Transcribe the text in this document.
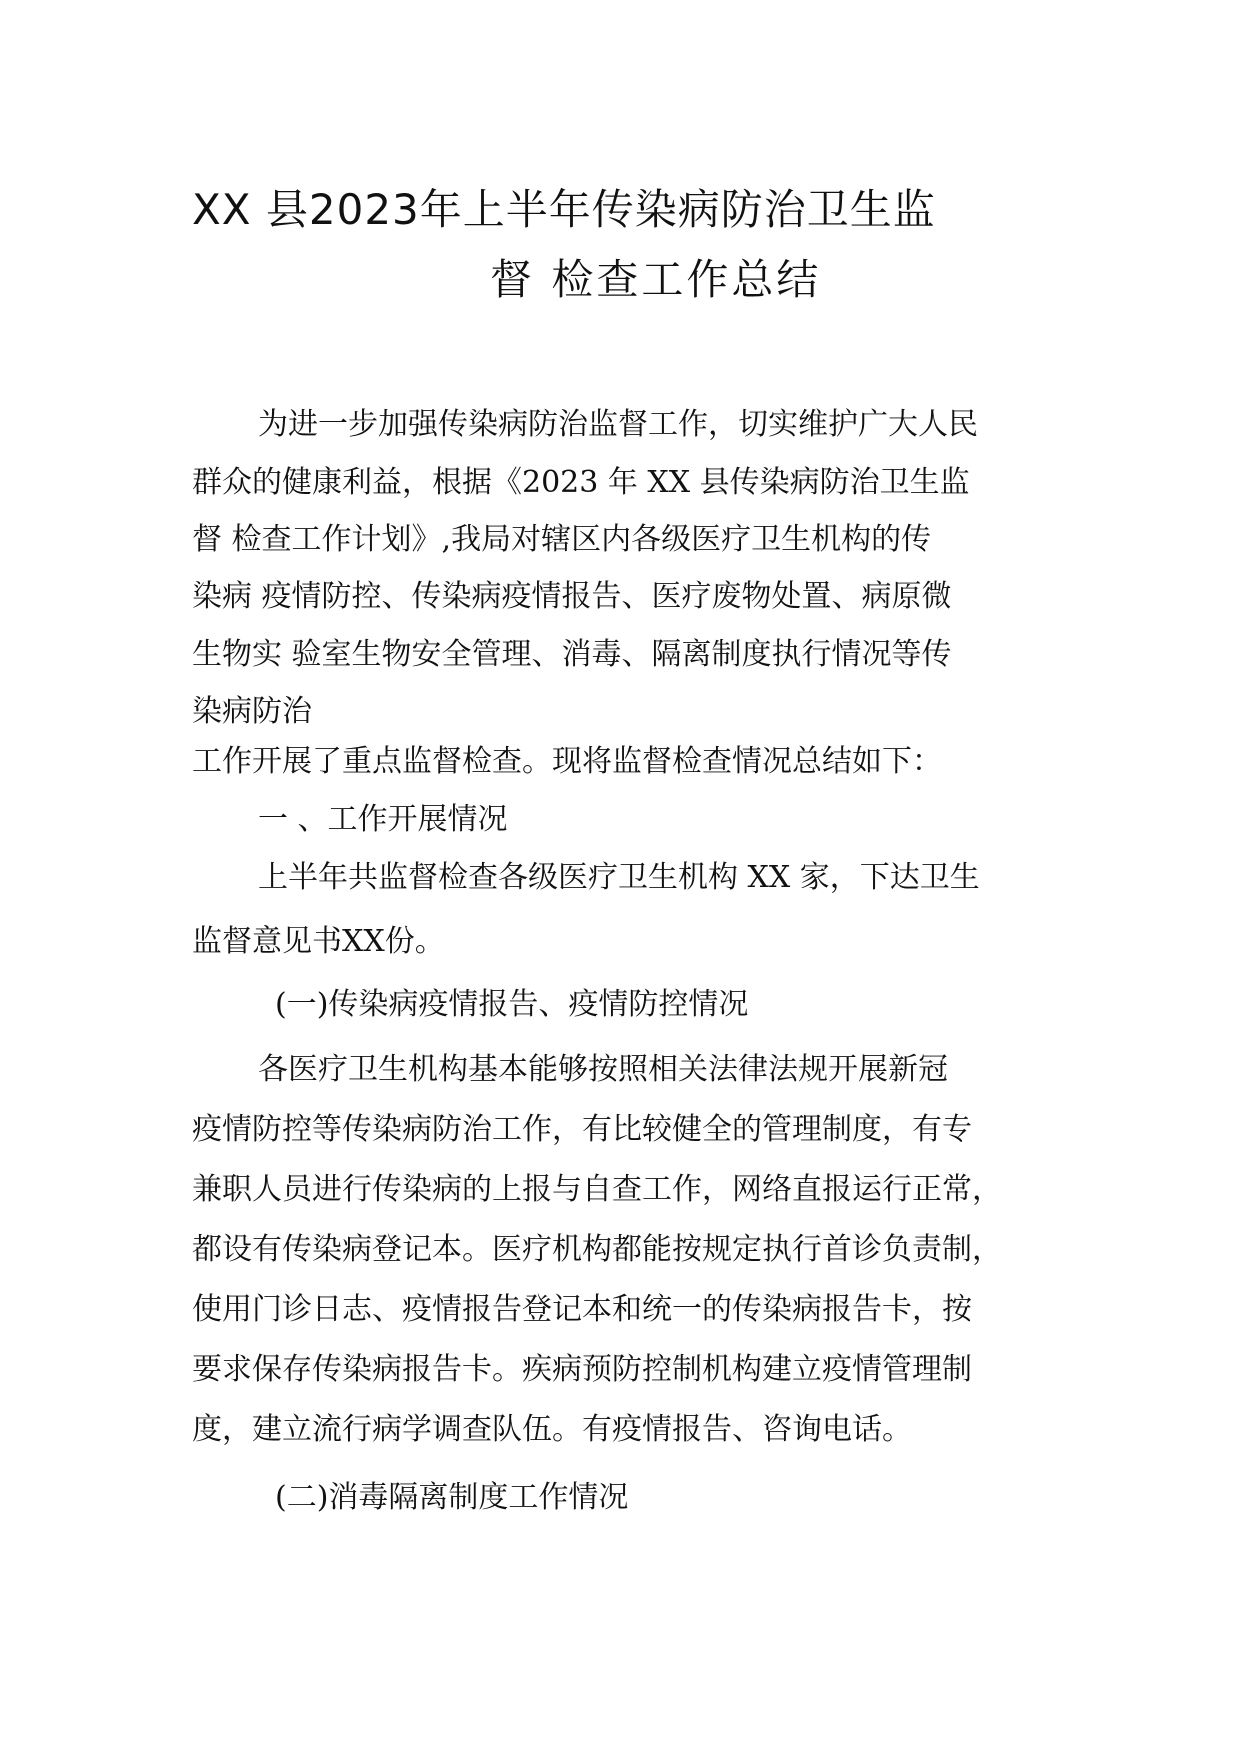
XX 县2023年上半年传染病防治卫生监
督 检查工作总结
为进一步加强传染病防治监督工作，切实维护广大人民
群众的健康利益，根据《2023 年 XX 县传染病防治卫生监
督 检查工作计划》,我局对辖区内各级医疗卫生机构的传
染病 疫情防控、传染病疫情报告、医疗废物处置、病原微
生物实 验室生物安全管理、消毒、隔离制度执行情况等传
染病防治
工作开展了重点监督检查。现将监督检查情况总结如下：
一 、工作开展情况
上半年共监督检查各级医疗卫生机构 XX 家，下达卫生
监督意见书XX份。
(一)传染病疫情报告、疫情防控情况
各医疗卫生机构基本能够按照相关法律法规开展新冠
疫情防控等传染病防治工作，有比较健全的管理制度，有专
兼职人员进行传染病的上报与自查工作，网络直报运行正常，
都设有传染病登记本。医疗机构都能按规定执行首诊负责制，
使用门诊日志、疫情报告登记本和统一的传染病报告卡，按
要求保存传染病报告卡。疾病预防控制机构建立疫情管理制
度，建立流行病学调查队伍。有疫情报告、咨询电话。
(二)消毒隔离制度工作情况
